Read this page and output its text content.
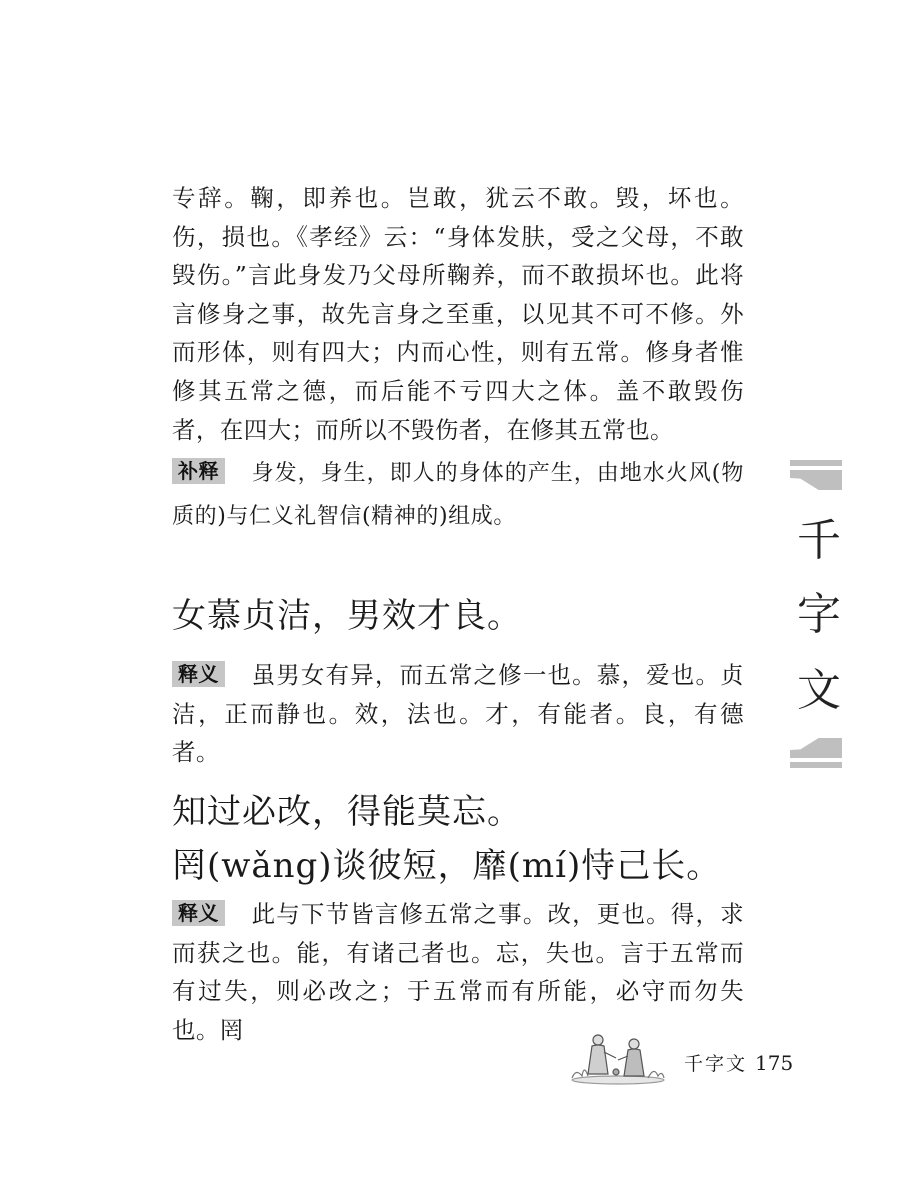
专辞。鞠，即养也。岂敢，犹云不敢。毁，坏也。伤，损也。《孝经》云：“身体发肤，受之父母，不敢毁伤。”言此身发乃父母所鞠养，而不敢损坏也。此将言修身之事，故先言身之至重，以见其不可不修。外而形体，则有四大；内而心性，则有五常。修身者惟修其五常之德，而后能不亏四大之体。盖不敢毁伤者，在四大；而所以不毁伤者，在修其五常也。
补释 身发，身生，即人的身体的产生，由地水火风(物质的)与仁义礼智信(精神的)组成。
女慕贞洁，男效才良。
释义 虽男女有异，而五常之修一也。慕，爱也。贞洁，正而静也。效，法也。才，有能者。良，有德者。
知过必改，得能莫忘。
罔(wǎng)谈彼短，靡(mí)恃己长。
释义 此与下节皆言修五常之事。改，更也。得，求而获之也。能，有诸己者也。忘，失也。言于五常而有过失，则必改之；于五常而有所能，必守而勿失也。罔
千
字
文
千字文 175
